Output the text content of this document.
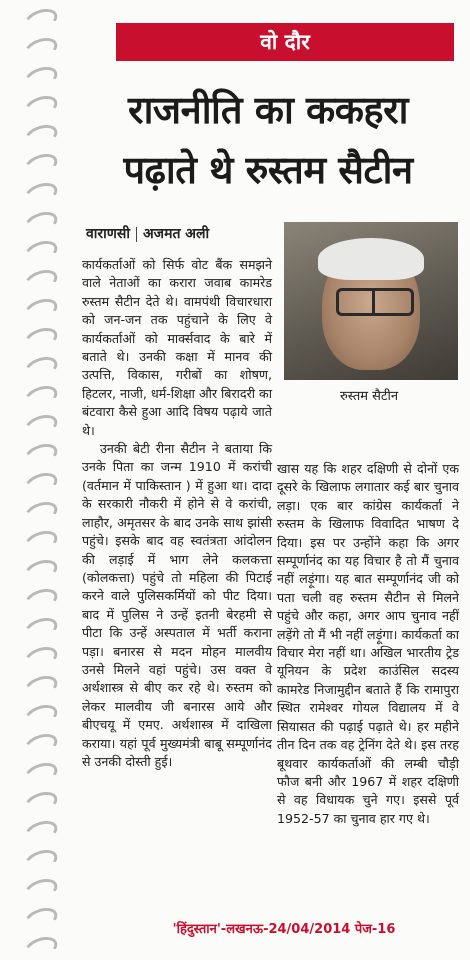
वो दौर
राजनीति का ककहरा
पढ़ाते थे रुस्तम सैटीन
वाराणसी अजमत अली
रुस्तम सैटीन

कार्यकर्ताओं को सिर्फ वोट बैंक समझने वाले नेताओं का करारा जवाब कामरेड रुस्तम सैटीन देते थे। वामपंथी विचारधारा को जन-जन तक पहुंचाने के लिए वे कार्यकर्ताओं को मार्क्सवाद के बारे में बताते थे। उनकी कक्षा में मानव की उत्पत्ति, विकास, गरीबों का शोषण, हिटलर, नाजी, धर्म-शिक्षा और बिरादरी का बंटवारा कैसे हुआ आदि विषय पढ़ाये जाते थे।

उनकी बेटी रीना सैटीन ने बताया कि उनके पिता का जन्म 1910 में करांची (वर्तमान में पाकिस्तान ) में हुआ था। दादा के सरकारी नौकरी में होने से वे करांची, लाहौर, अमृतसर के बाद उनके साथ झांसी पहुंचे। इसके बाद वह स्वतंत्रता आंदोलन की लड़ाई में भाग लेने कलकत्ता (कोलकत्ता) पहुंचे तो महिला की पिटाई करने वाले पुलिसकर्मियों को पीट दिया। बाद में पुलिस ने उन्हें इतनी बेरहमी से पीटा कि उन्हें अस्पताल में भर्ती कराना पड़ा। बनारस से मदन मोहन मालवीय उनसे मिलने वहां पहुंचे। उस वक्त वे अर्थशास्त्र से बीए कर रहे थे। रुस्तम को लेकर मालवीय जी बनारस आये और बीएचयू में एमए. अर्थशास्त्र में दाखिला कराया। यहां पूर्व मुख्यमंत्री बाबू सम्पूर्णानंद से उनकी दोस्ती हुई।

खास यह कि शहर दक्षिणी से दोनों एक दूसरे के खिलाफ लगातार कई बार चुनाव लड़ा। एक बार कांग्रेस कार्यकर्ता ने रुस्तम के खिलाफ विवादित भाषण दे दिया। इस पर उन्होंने कहा कि अगर सम्पूर्णानंद का यह विचार है तो मैं चुनाव नहीं लड़ूंगा। यह बात सम्पूर्णानंद जी को पता चली वह रुस्तम सैटीन से मिलने पहुंचे और कहा, अगर आप चुनाव नहीं लड़ेंगे तो मैं भी नहीं लड़ूंगा। कार्यकर्ता का विचार मेरा नहीं था। अखिल भारतीय ट्रेड यूनियन के प्रदेश काउंसिल सदस्य कामरेड निजामुद्दीन बताते हैं कि रामापुरा स्थित रामेश्वर गोयल विद्यालय में वे सियासत की पढ़ाई पढ़ाते थे। हर महीने तीन दिन तक वह ट्रेनिंग देते थे। इस तरह बूथवार कार्यकर्ताओं की लम्बी चौड़ी फौज बनी और 1967 में शहर दक्षिणी से वह विधायक चुने गए। इससे पूर्व 1952-57 का चुनाव हार गए थे।

'हिंदुस्तान'-लखनऊ-24/04/2014 पेज-16
